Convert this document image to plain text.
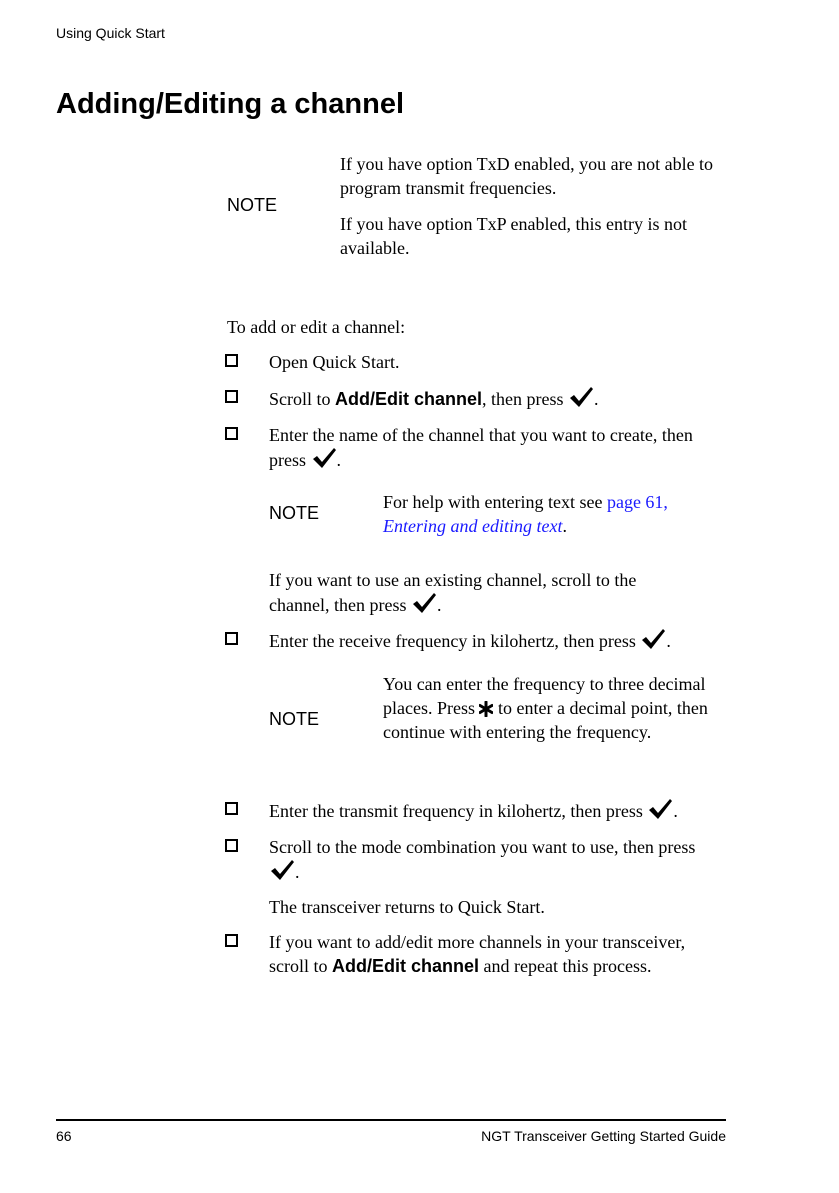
Using Quick Start
Adding/Editing a channel
NOTE

If you have option TxD enabled, you are not able to program transmit frequencies.

If you have option TxP enabled, this entry is not available.

To add or edit a channel:
Open Quick Start.
Scroll to Add/Edit channel, then press .
Enter the name of the channel that you want to create, then press .
NOTE
For help with entering text see page 61,
Entering and editing text.
If you want to use an existing channel, scroll to the channel, then press .
Enter the receive frequency in kilohertz, then press .
NOTE
You can enter the frequency to three decimal places. Press to enter a decimal point, then continue with entering the frequency.
Enter the transmit frequency in kilohertz, then press .
Scroll to the mode combination you want to use, then press .
The transceiver returns to Quick Start.
If you want to add/edit more channels in your transceiver, scroll to Add/Edit channel and repeat this process.
66	NGT Transceiver Getting Started Guide
